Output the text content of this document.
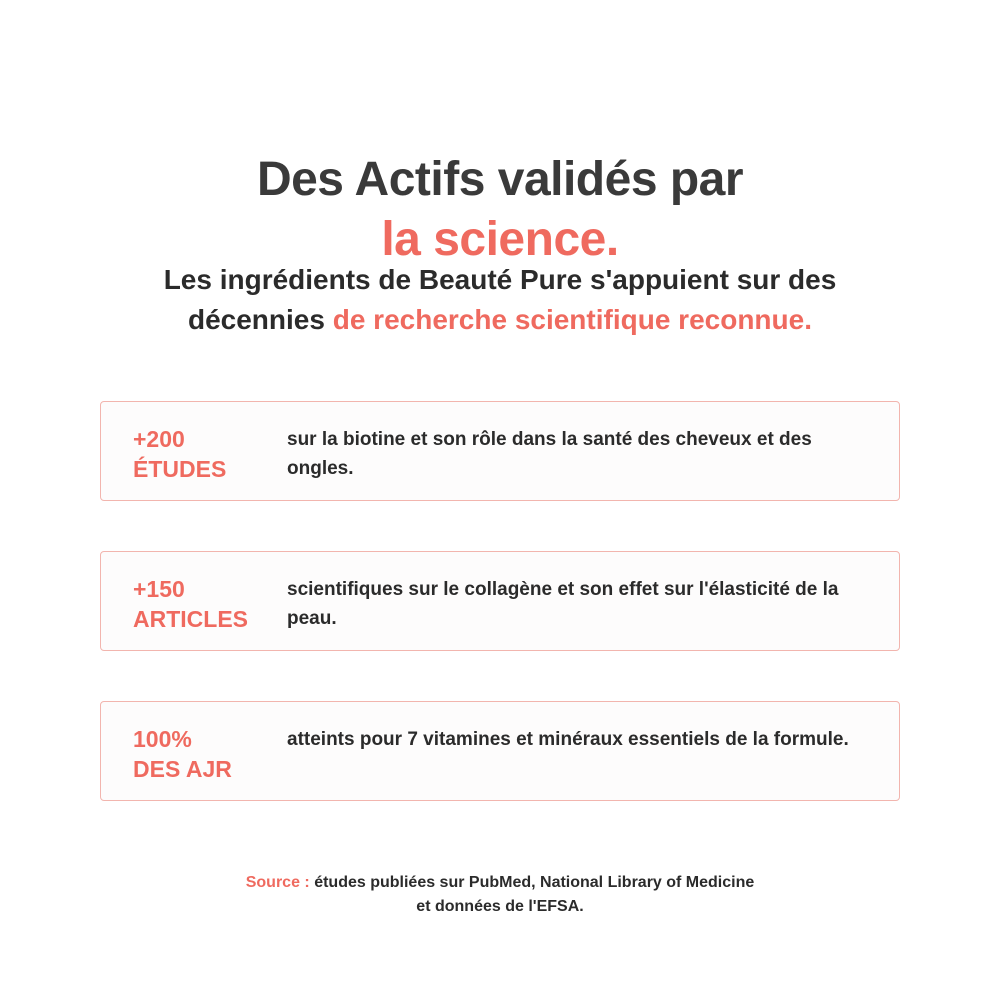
Des Actifs validés par
la science.

Les ingrédients de Beauté Pure s'appuient sur des décennies de recherche scientifique reconnue.

+200
ÉTUDES
sur la biotine et son rôle dans la santé des cheveux et des ongles.
+150
ARTICLES
scientifiques sur le collagène et son effet sur l'élasticité de la peau.
100%
DES AJR
atteints pour 7 vitamines et minéraux essentiels de la formule.
Source : études publiées sur PubMed, National Library of Medicine
et données de l'EFSA.
